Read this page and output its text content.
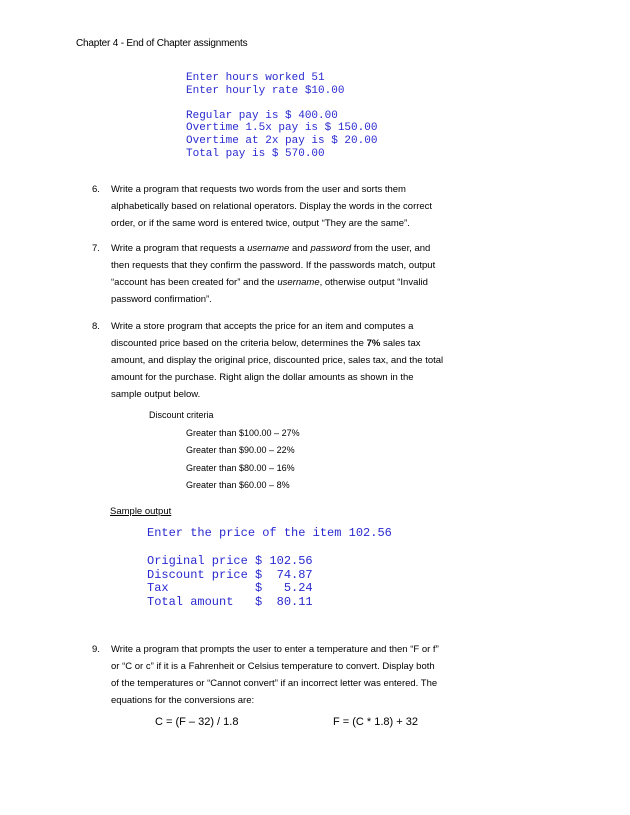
Chapter 4 - End of Chapter assignments
Enter hours worked 51
Enter hourly rate $10.00
Regular pay is $ 400.00
Overtime 1.5x pay is $ 150.00
Overtime at 2x pay is $ 20.00
Total pay is $ 570.00
6.	Write a program that requests two words from the user and sorts them
alphabetically based on relational operators. Display the words in the correct
order, or if the same word is entered twice, output “They are the same”.
7.	Write a program that requests a username and password from the user, and
then requests that they confirm the password. If the passwords match, output
“account has been created for” and the username, otherwise output “Invalid
password confirmation”.
8.	Write a store program that accepts the price for an item and computes a
discounted price based on the criteria below, determines the 7% sales tax
amount, and display the original price, discounted price, sales tax, and the total
amount for the purchase. Right align the dollar amounts as shown in the
sample output below.
Discount criteria
Greater than $100.00 – 27%
Greater than $90.00 – 22%
Greater than $80.00 – 16%
Greater than $60.00 – 8%
Sample output
Enter the price of the item 102.56
Original price $ 102.56
Discount price $  74.87
Tax            $   5.24
Total amount   $  80.11
9.	Write a program that prompts the user to enter a temperature and then “F or f”
or “C or c” if it is a Fahrenheit or Celsius temperature to convert. Display both
of the temperatures or “Cannot convert” if an incorrect letter was entered. The
equations for the conversions are:
C = (F – 32) / 1.8	F = (C * 1.8) + 32
